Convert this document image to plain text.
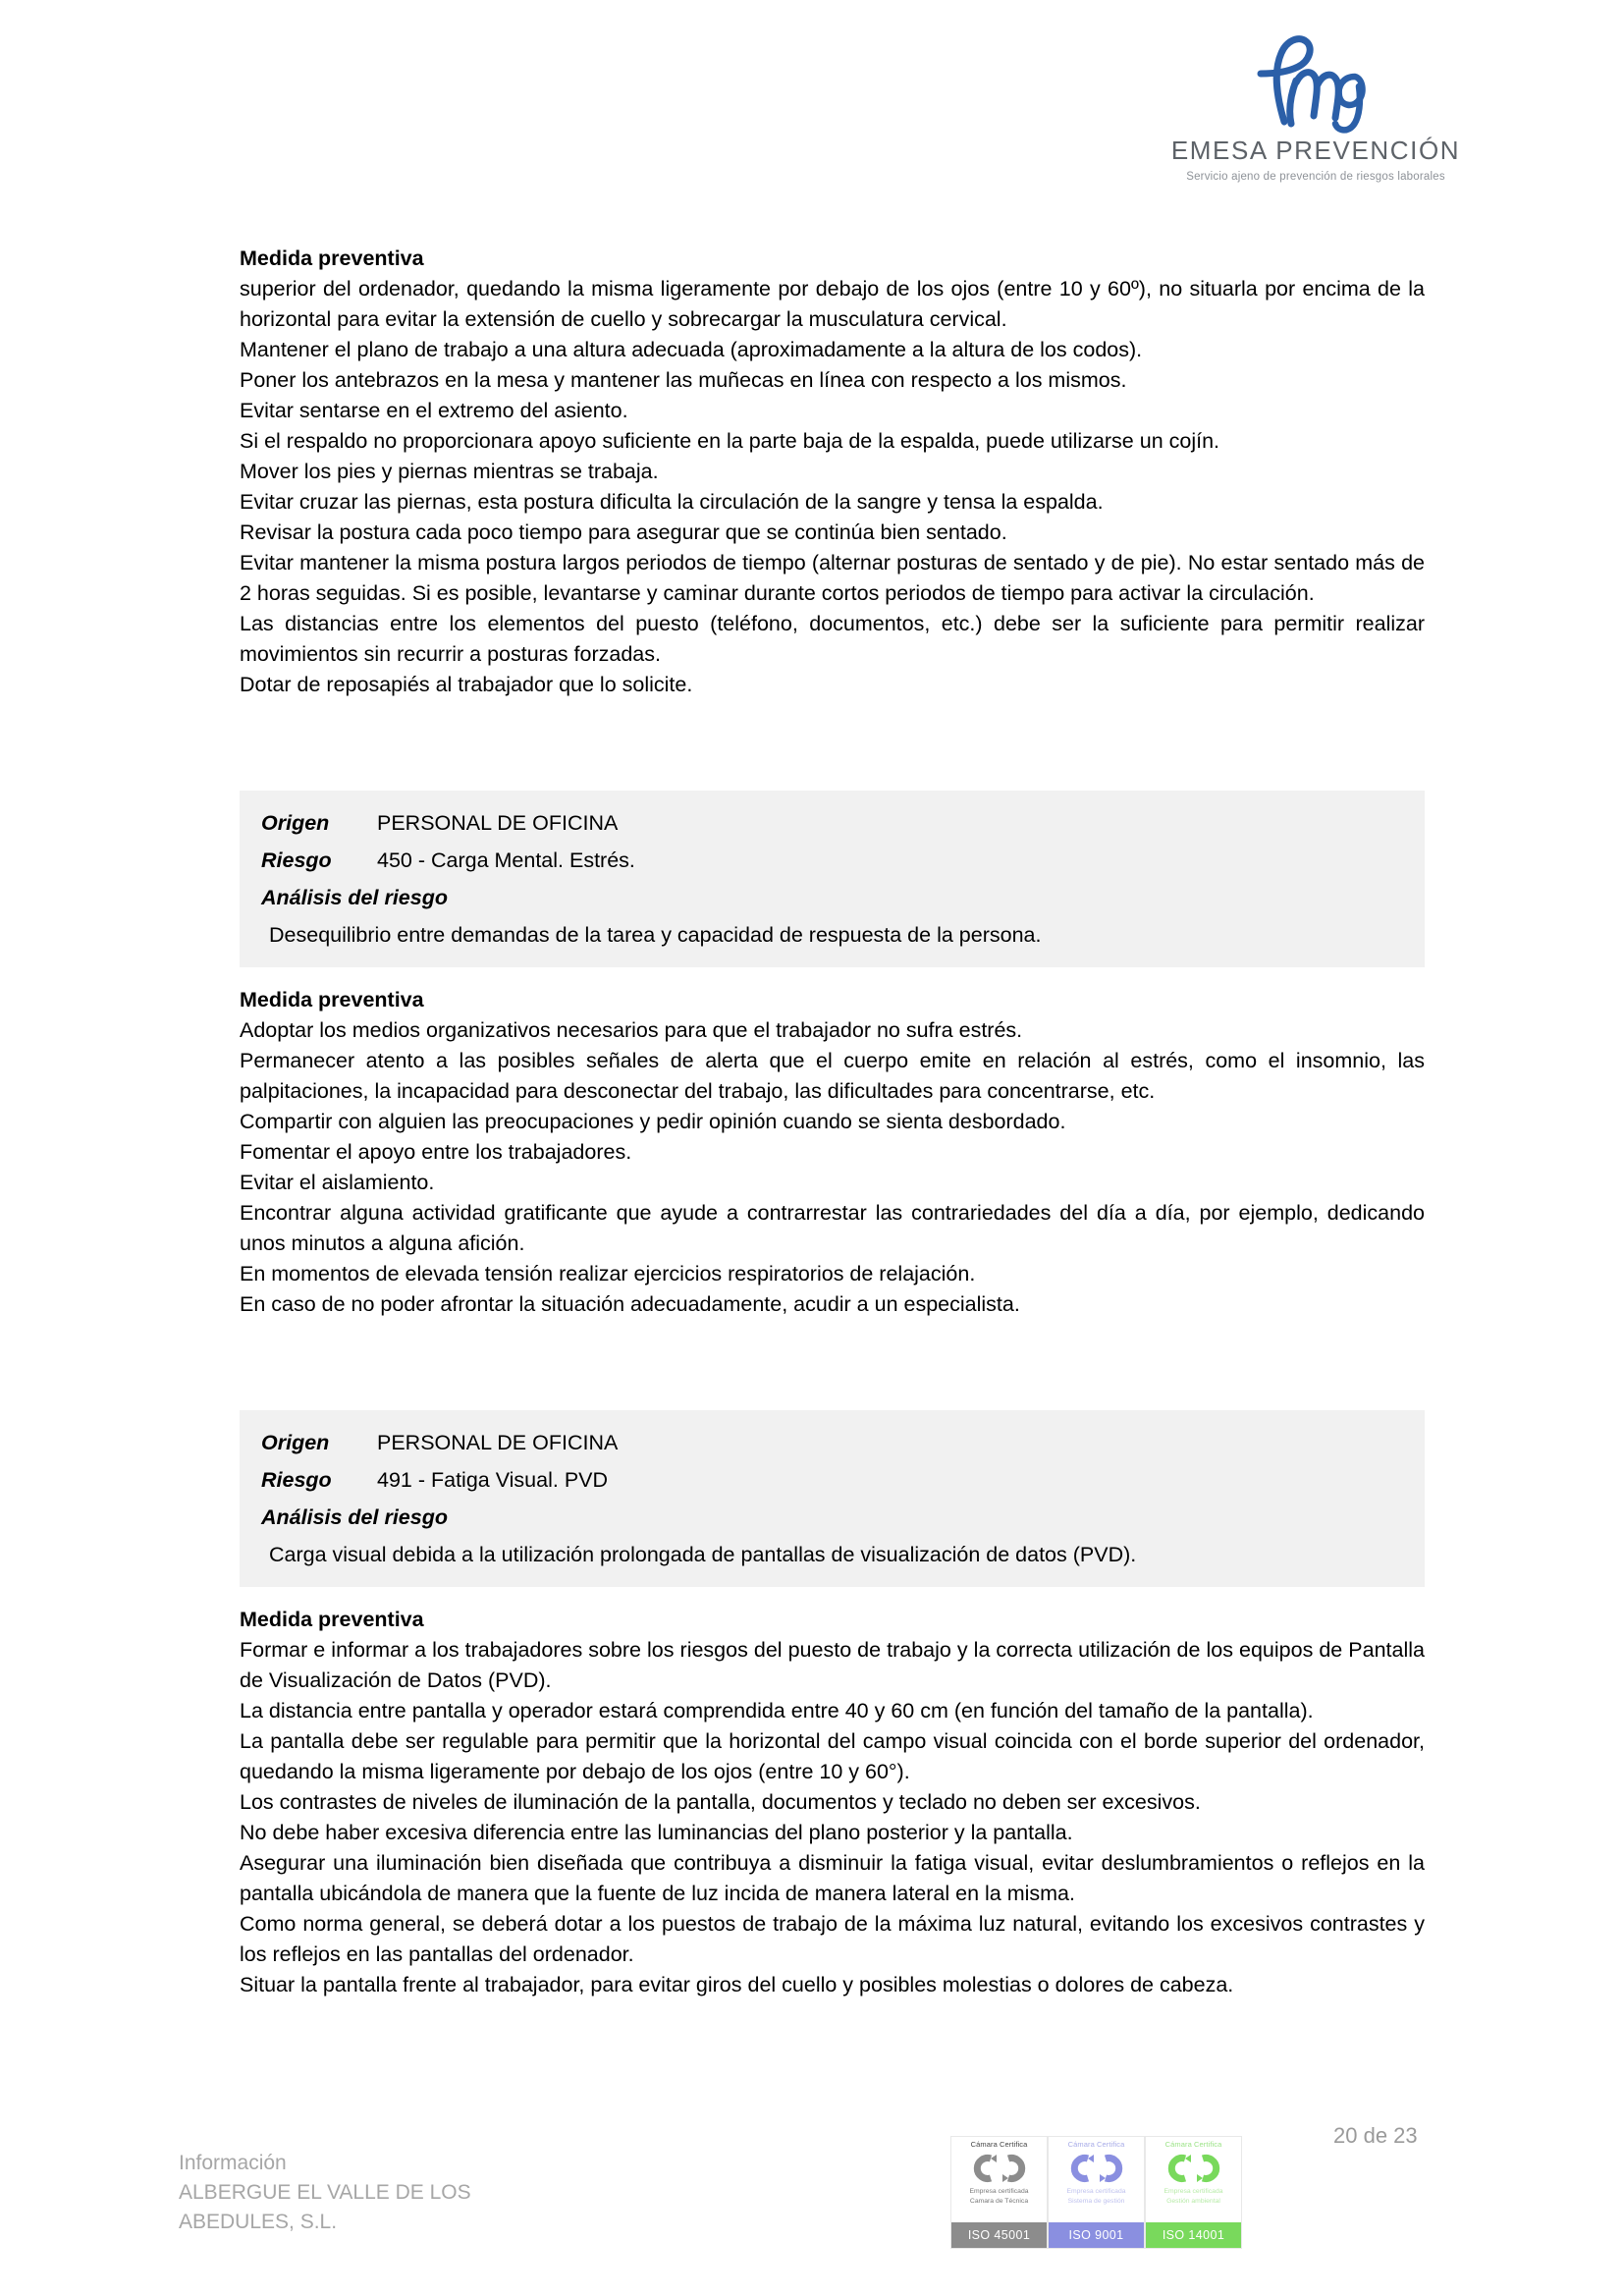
EMESA PREVENCIÓN
Servicio ajeno de prevención de riesgos laborales
Medida preventiva

superior del ordenador, quedando la misma ligeramente por debajo de los ojos (entre 10 y 60º), no situarla por encima de la horizontal para evitar la extensión de cuello y sobrecargar la musculatura cervical.

Mantener el plano de trabajo a una altura adecuada (aproximadamente a la altura de los codos).

Poner los antebrazos en la mesa y mantener las muñecas en línea con respecto a los mismos.

Evitar sentarse en el extremo del asiento.

Si el respaldo no proporcionara apoyo suficiente en la parte baja de la espalda, puede utilizarse un cojín.

Mover los pies y piernas mientras se trabaja.

Evitar cruzar las piernas, esta postura dificulta la circulación de la sangre y tensa la espalda.

Revisar la postura cada poco tiempo para asegurar que se continúa bien sentado.

Evitar mantener la misma postura largos periodos de tiempo (alternar posturas de sentado y de pie). No estar sentado más de 2 horas seguidas. Si es posible, levantarse y caminar durante cortos periodos de tiempo para activar la circulación.

Las distancias entre los elementos del puesto (teléfono, documentos, etc.) debe ser la suficiente para permitir realizar movimientos sin recurrir a posturas forzadas.

Dotar de reposapiés al trabajador que lo solicite.

Origen	PERSONAL DE OFICINA
Riesgo	450 - Carga Mental. Estrés.
Análisis del riesgo
Desequilibrio entre demandas de la tarea y capacidad de respuesta de la persona.
Medida preventiva

Adoptar los medios organizativos necesarios para que el trabajador no sufra estrés.

Permanecer atento a las posibles señales de alerta que el cuerpo emite en relación al estrés, como el insomnio, las palpitaciones, la incapacidad para desconectar del trabajo, las dificultades para concentrarse, etc.

Compartir con alguien las preocupaciones y pedir opinión cuando se sienta desbordado.

Fomentar el apoyo entre los trabajadores.

Evitar el aislamiento.

Encontrar alguna actividad gratificante que ayude a contrarrestar las contrariedades del día a día, por ejemplo, dedicando unos minutos a alguna afición.

En momentos de elevada tensión realizar ejercicios respiratorios de relajación.

En caso de no poder afrontar la situación adecuadamente, acudir a un especialista.

Origen	PERSONAL DE OFICINA
Riesgo	491 - Fatiga Visual. PVD
Análisis del riesgo
Carga visual debida a la utilización prolongada de pantallas de visualización de datos (PVD).
Medida preventiva

Formar e informar a los trabajadores sobre los riesgos del puesto de trabajo y la correcta utilización de los equipos de Pantalla de Visualización de Datos (PVD).

La distancia entre pantalla y operador estará comprendida entre 40 y 60 cm (en función del tamaño de la pantalla).

La pantalla debe ser regulable para permitir que la horizontal del campo visual coincida con el borde superior del ordenador, quedando la misma ligeramente por debajo de los ojos (entre 10 y 60°).

Los contrastes de niveles de iluminación de la pantalla, documentos y teclado no deben ser excesivos.

No debe haber excesiva diferencia entre las luminancias del plano posterior y la pantalla.

Asegurar una iluminación bien diseñada que contribuya a disminuir la fatiga visual, evitar deslumbramientos o reflejos en la pantalla ubicándola de manera que la fuente de luz incida de manera lateral en la misma.

Como norma general, se deberá dotar a los puestos de trabajo de la máxima luz natural, evitando los excesivos contrastes y los reflejos en las pantallas del ordenador.

Situar la pantalla frente al trabajador, para evitar giros del cuello y posibles molestias o dolores de cabeza.

Información
ALBERGUE EL VALLE DE LOS
ABEDULES, S.L.
20 de 23
Cámara Certifica
Empresa certificada
Camara de Técnica
ISO 45001
Cámara Certifica
Empresa certificada
Sistema de gestión
ISO 9001
Cámara Certifica
Empresa certificada
Gestión ambiental
ISO 14001
